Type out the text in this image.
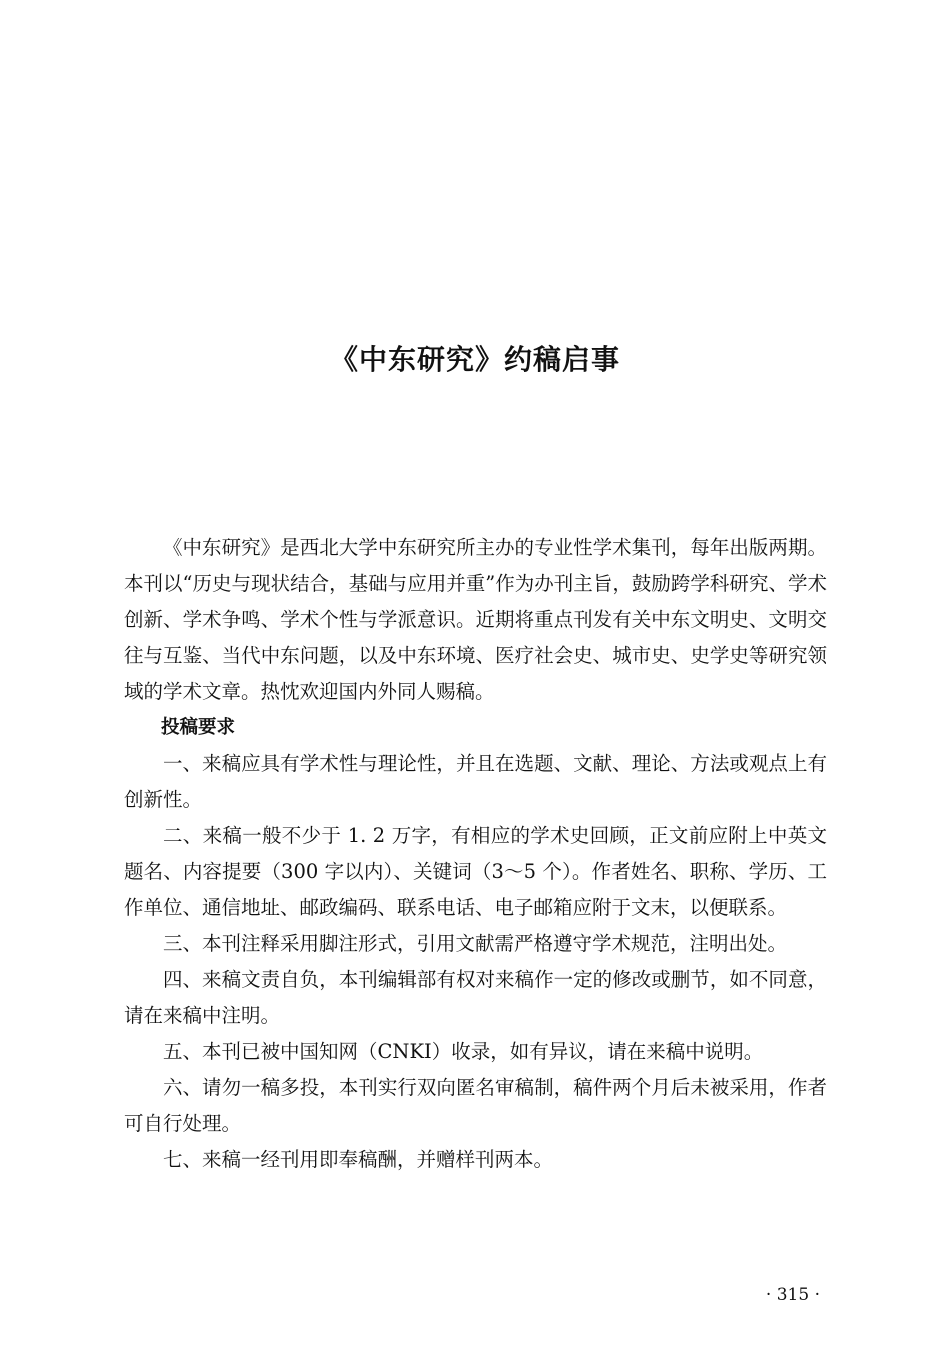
《中东研究》约稿启事

《中东研究》是西北大学中东研究所主办的专业性学术集刊，每年出版两期。本刊以“历史与现状结合，基础与应用并重”作为办刊主旨，鼓励跨学科研究、学术创新、学术争鸣、学术个性与学派意识。近期将重点刊发有关中东文明史、文明交往与互鉴、当代中东问题，以及中东环境、医疗社会史、城市史、史学史等研究领域的学术文章。热忱欢迎国内外同人赐稿。

投稿要求

一、来稿应具有学术性与理论性，并且在选题、文献、理论、方法或观点上有创新性。

二、来稿一般不少于 1. 2 万字，有相应的学术史回顾，正文前应附上中英文题名、内容提要（300 字以内）、关键词（3～5 个）。作者姓名、职称、学历、工作单位、通信地址、邮政编码、联系电话、电子邮箱应附于文末，以便联系。

三、本刊注释采用脚注形式，引用文献需严格遵守学术规范，注明出处。

四、来稿文责自负，本刊编辑部有权对来稿作一定的修改或删节，如不同意，请在来稿中注明。

五、本刊已被中国知网（CNKI）收录，如有异议，请在来稿中说明。

六、请勿一稿多投，本刊实行双向匿名审稿制，稿件两个月后未被采用，作者可自行处理。

七、来稿一经刊用即奉稿酬，并赠样刊两本。

· 315 ·
